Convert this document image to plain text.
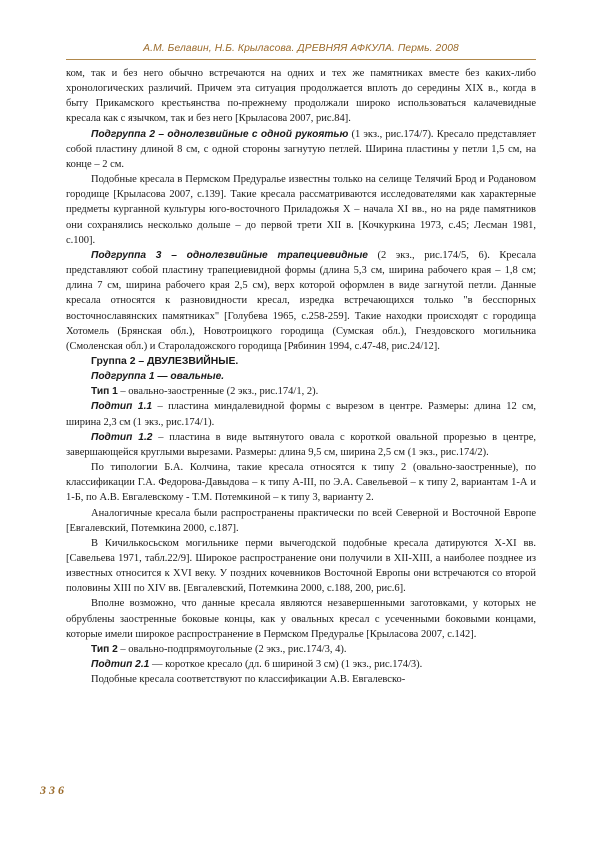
А.М. Белавин, Н.Б. Крыласова. ДРЕВНЯЯ АФКУЛА. Пермь. 2008

ком, так и без него обычно встречаются на одних и тех же памятниках вместе без каких-либо хронологических различий. Причем эта ситуация продолжается вплоть до середины XIX в., когда в быту Прикамского крестьянства по-прежнему продолжали широко использоваться калачевидные кресала как с язычком, так и без него [Крыласова 2007, рис.84].

Подгруппа 2 – однолезвийные с одной рукоятью (1 экз., рис.174/7). Кресало представляет собой пластину длиной 8 см, с одной стороны загнутую петлей. Ширина пластины у петли 1,5 см, на конце – 2 см.

Подобные кресала в Пермском Предуралье известны только на селище Телячий Брод и Родановом городище [Крыласова 2007, с.139]. Такие кресала рассматриваются исследователями как характерные предметы курганной культуры юго-восточного Приладожья X – начала XI вв., но на ряде памятников они сохранялись несколько дольше – до первой трети XII в. [Кочкуркина 1973, с.45; Лесман 1981, с.100].

Подгруппа 3 – однолезвийные трапециевидные (2 экз., рис.174/5, 6). Кресала представляют собой пластину трапециевидной формы (длина 5,3 см, ширина рабочего края – 1,8 см; длина 7 см, ширина рабочего края 2,5 см), верх которой оформлен в виде загнутой петли. Данные кресала относятся к разновидности кресал, изредка встречающихся только "в бесспорных восточнославянских памятниках" [Голубева 1965, с.258-259]. Такие находки происходят с городища Хотомель (Брянская обл.), Новотроицкого городища (Сумская обл.), Гнездовского могильника (Смоленская обл.) и Староладожского городища [Рябинин 1994, с.47-48, рис.24/12].

Группа 2 – ДВУЛЕЗВИЙНЫЕ.

Подгруппа 1 — овальные.

Тип 1 – овально-заостренные (2 экз., рис.174/1, 2).

Подтип 1.1 – пластина миндалевидной формы с вырезом в центре. Размеры: длина 12 см, ширина 2,3 см (1 экз., рис.174/1).

Подтип 1.2 – пластина в виде вытянутого овала с короткой овальной прорезью в центре, завершающейся круглыми вырезами. Размеры: длина 9,5 см, ширина 2,5 см (1 экз., рис.174/2).

По типологии Б.А. Колчина, такие кресала относятся к типу 2 (овально-заостренные), по классификации Г.А. Федорова-Давыдова – к типу А-III, по Э.А. Савельевой – к типу 2, вариантам 1-А и 1-Б, по А.В. Евгалевскому - Т.М. Потемкиной – к типу 3, варианту 2.

Аналогичные кресала были распространены практически по всей Северной и Восточной Европе [Евгалевский, Потемкина 2000, с.187].

В Кичилькосьском могильнике перми вычегодской подобные кресала датируются X-XI вв. [Савельева 1971, табл.22/9]. Широкое распространение они получили в XII-XIII, а наиболее позднее из известных относится к XVI веку. У поздних кочевников Восточной Европы они встречаются со второй половины XIII по XIV вв. [Евгалевский, Потемкина 2000, с.188, 200, рис.6].

Вполне возможно, что данные кресала являются незавершенными заготовками, у которых не обрублены заостренные боковые концы, как у овальных кресал с усеченными боковыми концами, которые имели широкое распространение в Пермском Предуралье [Крыласова 2007, с.142].

Тип 2 – овально-подпрямоугольные (2 экз., рис.174/3, 4).

Подтип 2.1 — короткое кресало (дл. 6 шириной 3 см) (1 экз., рис.174/3).

Подобные кресала соответствуют по классификации А.В. Евгалевско-

336
